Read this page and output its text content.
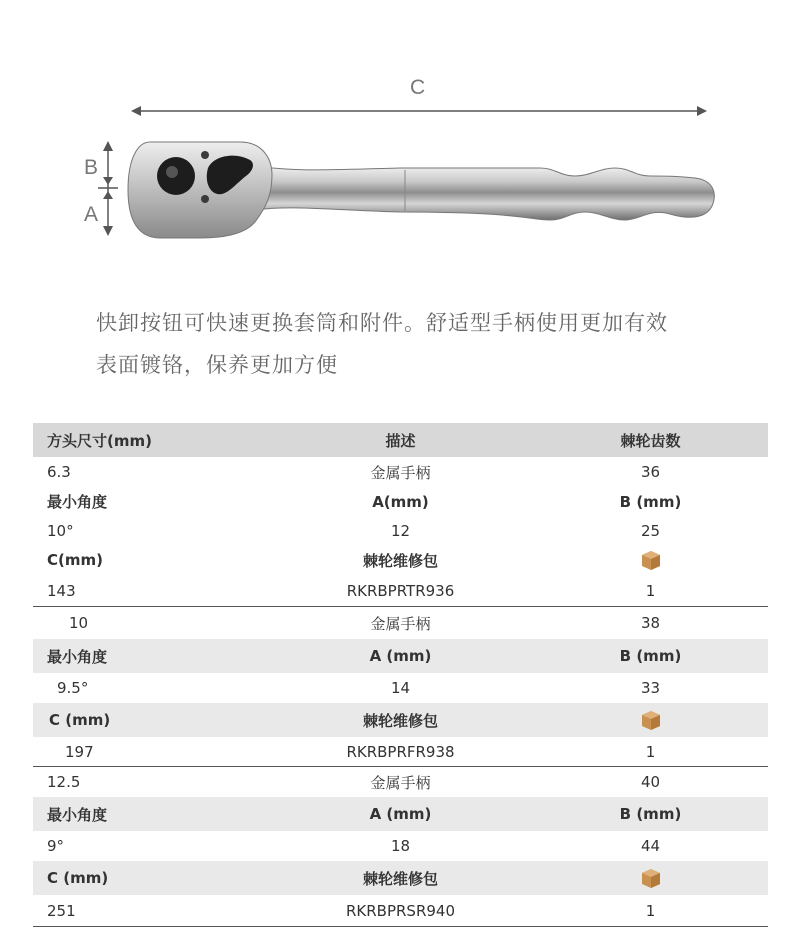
C
B
A
快卸按钮可快速更换套筒和附件。舒适型手柄使用更加有效
表面镀铬，保养更加方便
方头尺寸(mm)	描述	棘轮齿数
6.3	金属手柄	36
最小角度	A(mm)	B (mm)
10°	12	25
C(mm)	棘轮维修包
143	RKRBPRTR936	1
10	金属手柄	38
最小角度	A (mm)	B (mm)
9.5°	14	33
C (mm)	棘轮维修包
197	RKRBPRFR938	1
12.5	金属手柄	40
最小角度	A (mm)	B (mm)
9°	18	44
C (mm)	棘轮维修包
251	RKRBPRSR940	1
